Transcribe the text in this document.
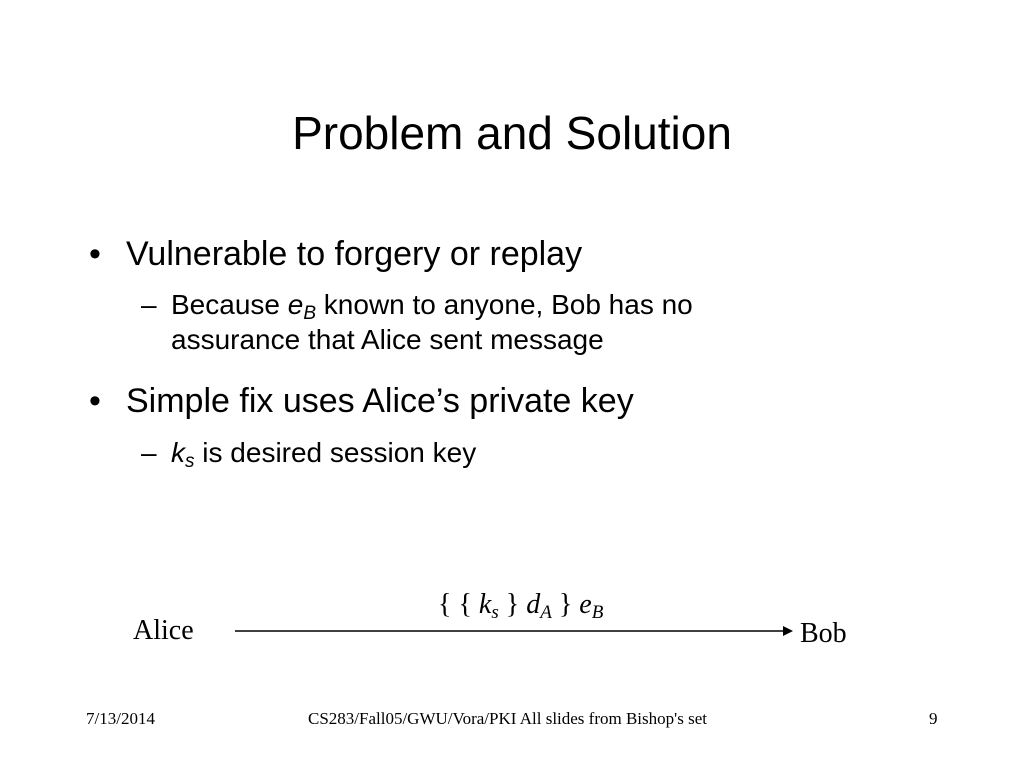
Problem and Solution
• Vulnerable to forgery or replay
– Because eB known to anyone, Bob has no
assurance that Alice sent message
• Simple fix uses Alice’s private key
– ks is desired session key
{ { ks } dA } eB
Alice	Bob
7/13/2014	CS283/Fall05/GWU/Vora/PKI All slides from Bishop's set	9
